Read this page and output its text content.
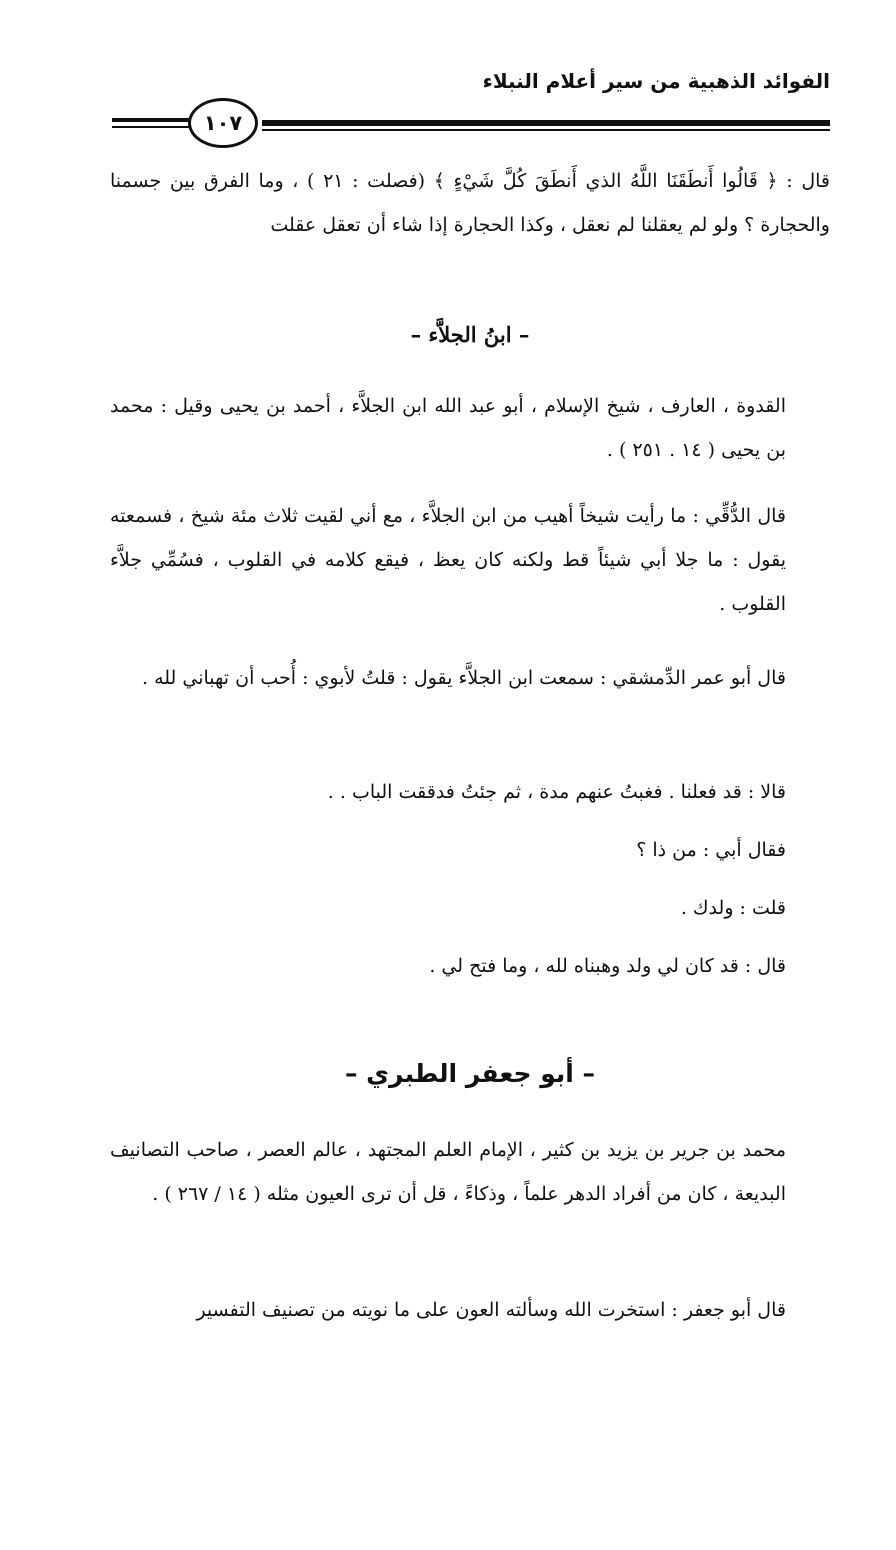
الفوائد الذهبية من سير أعلام النبلاء
١٠٧

قال : ﴿ قَالُوا أَنطَقَنَا اللَّهُ الذي أَنطَقَ كُلَّ شَيْءٍ ﴾ (فصلت : ٢١ ) ، وما الفرق بين جسمنا والحجارة ؟ ولو لم يعقلنا لم نعقل ، وكذا الحجارة إذا شاء أن تعقل عقلت

– ابنُ الجلاَّء –

القدوة ، العارف ، شيخ الإسلام ، أبو عبد الله ابن الجلاَّء ، أحمد بن يحيى وقيل : محمد بن يحيى ( ١٤ . ٢٥١ ) .

قال الدُّقِّي : ما رأيت شيخاً أهيب من ابن الجلاَّء ، مع أني لقيت ثلاث مئة شيخ ، فسمعته يقول : ما جلا أبي شيئاً قط ولكنه كان يعظ ، فيقع كلامه في القلوب ، فسُمِّي جلاَّء القلوب .

قال أبو عمر الدِّمشقي : سمعت ابن الجلاَّء يقول : قلتُ لأبوي : أُحب أن تهباني لله .

قالا : قد فعلنا . فغبتُ عنهم مدة ، ثم جئتُ فدققت الباب . .

فقال أبي : من ذا ؟

قلت : ولدك .

قال : قد كان لي ولد وهبناه لله ، وما فتح لي .

– أبو جعفر الطبري –

محمد بن جرير بن يزيد بن كثير ، الإمام العلم المجتهد ، عالم العصر ، صاحب التصانيف البديعة ، كان من أفراد الدهر علماً ، وذكاءً ، قل أن ترى العيون مثله ( ١٤ / ٢٦٧ ) .

قال أبو جعفر : استخرت الله وسألته العون على ما نويته من تصنيف التفسير
